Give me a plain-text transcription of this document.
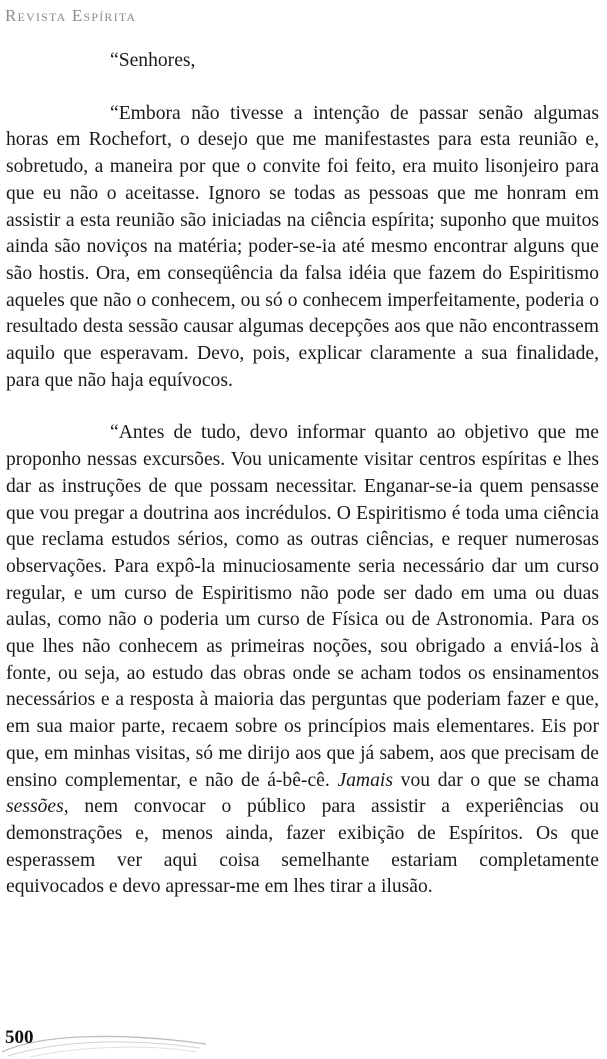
Revista Espírita

“Senhores,

“Embora não tivesse a intenção de passar senão algumas horas em Rochefort, o desejo que me manifestastes para esta reunião e, sobretudo, a maneira por que o convite foi feito, era muito lisonjeiro para que eu não o aceitasse. Ignoro se todas as pessoas que me honram em assistir a esta reunião são iniciadas na ciência espírita; suponho que muitos ainda são noviços na matéria; poder-se-ia até mesmo encontrar alguns que são hostis. Ora, em conseqüência da falsa idéia que fazem do Espiritismo aqueles que não o conhecem, ou só o conhecem imperfeitamente, poderia o resultado desta sessão causar algumas decepções aos que não encontrassem aquilo que esperavam. Devo, pois, explicar claramente a sua finalidade, para que não haja equívocos.

“Antes de tudo, devo informar quanto ao objetivo que me proponho nessas excursões. Vou unicamente visitar centros espíritas e lhes dar as instruções de que possam necessitar. Enganar-se-ia quem pensasse que vou pregar a doutrina aos incrédulos. O Espiritismo é toda uma ciência que reclama estudos sérios, como as outras ciências, e requer numerosas observações. Para expô-la minuciosamente seria necessário dar um curso regular, e um curso de Espiritismo não pode ser dado em uma ou duas aulas, como não o poderia um curso de Física ou de Astronomia. Para os que lhes não conhecem as primeiras noções, sou obrigado a enviá-los à fonte, ou seja, ao estudo das obras onde se acham todos os ensinamentos necessários e a resposta à maioria das perguntas que poderiam fazer e que, em sua maior parte, recaem sobre os princípios mais elementares. Eis por que, em minhas visitas, só me dirijo aos que já sabem, aos que precisam de ensino complementar, e não de á-bê-cê. Jamais vou dar o que se chama sessões, nem convocar o público para assistir a experiências ou demonstrações e, menos ainda, fazer exibição de Espíritos. Os que esperassem ver aqui coisa semelhante estariam completamente equivocados e devo apressar-me em lhes tirar a ilusão.

500
